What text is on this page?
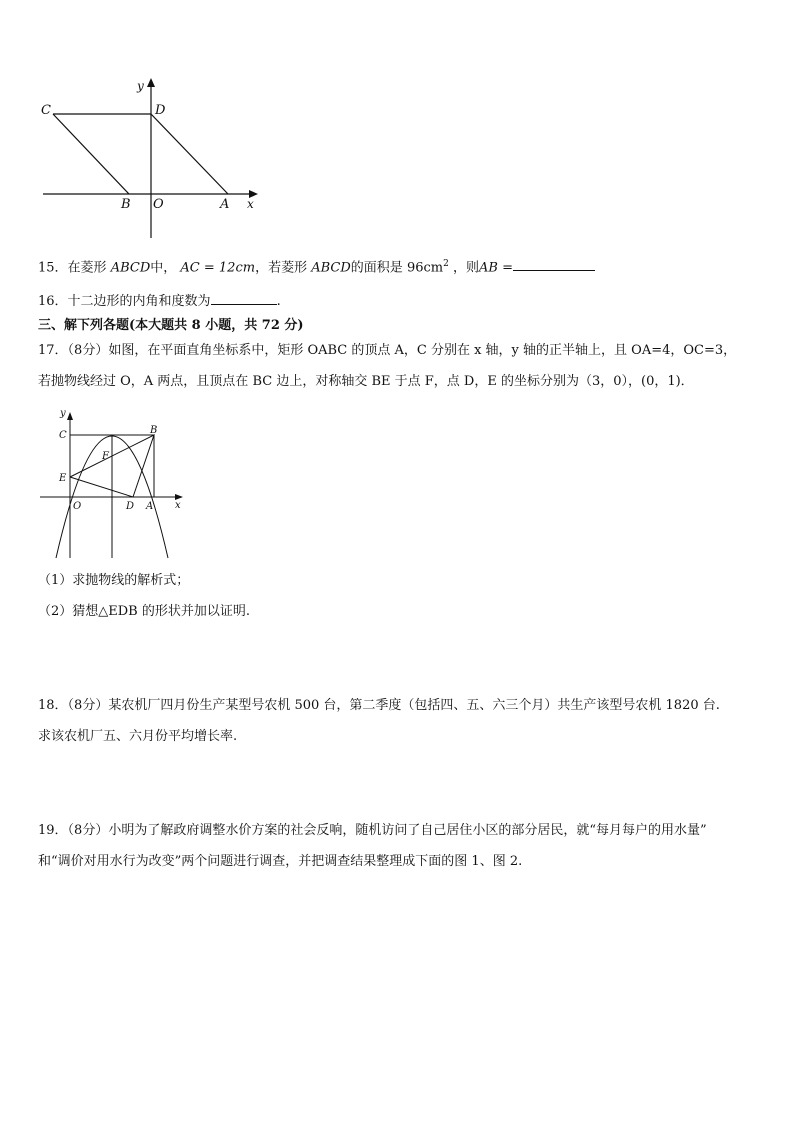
y
x
C	D
B O	A
15．在菱形 ABCD中， AC = 12cm，若菱形 ABCD的面积是 $96cm^2$ ，则AB =
16．十二边形的内角和度数为	.
三、解下列各题(本大题共 8 小题，共 72 分)
17．（8分）如图，在平面直角坐标系中，矩形 OABC 的顶点 A，C 分别在 x 轴，y 轴的正半轴上，且 OA=4，OC=3，
若抛物线经过 O，A 两点，且顶点在 BC 边上，对称轴交 BE 于点 F，点 D，E 的坐标分别为（3，0），(0，1)．
y
x
C	B
F
E
O	D A
（1）求抛物线的解析式；
（2）猜想△EDB 的形状并加以证明.
18．（8分）某农机厂四月份生产某型号农机 500 台，第二季度（包括四、五、六三个月）共生产该型号农机 1820 台.
求该农机厂五、六月份平均增长率.
19．（8分）小明为了解政府调整水价方案的社会反响，随机访问了自己居住小区的部分居民，就“每月每户的用水量”
和“调价对用水行为改变”两个问题进行调查，并把调查结果整理成下面的图 1、图 2.
